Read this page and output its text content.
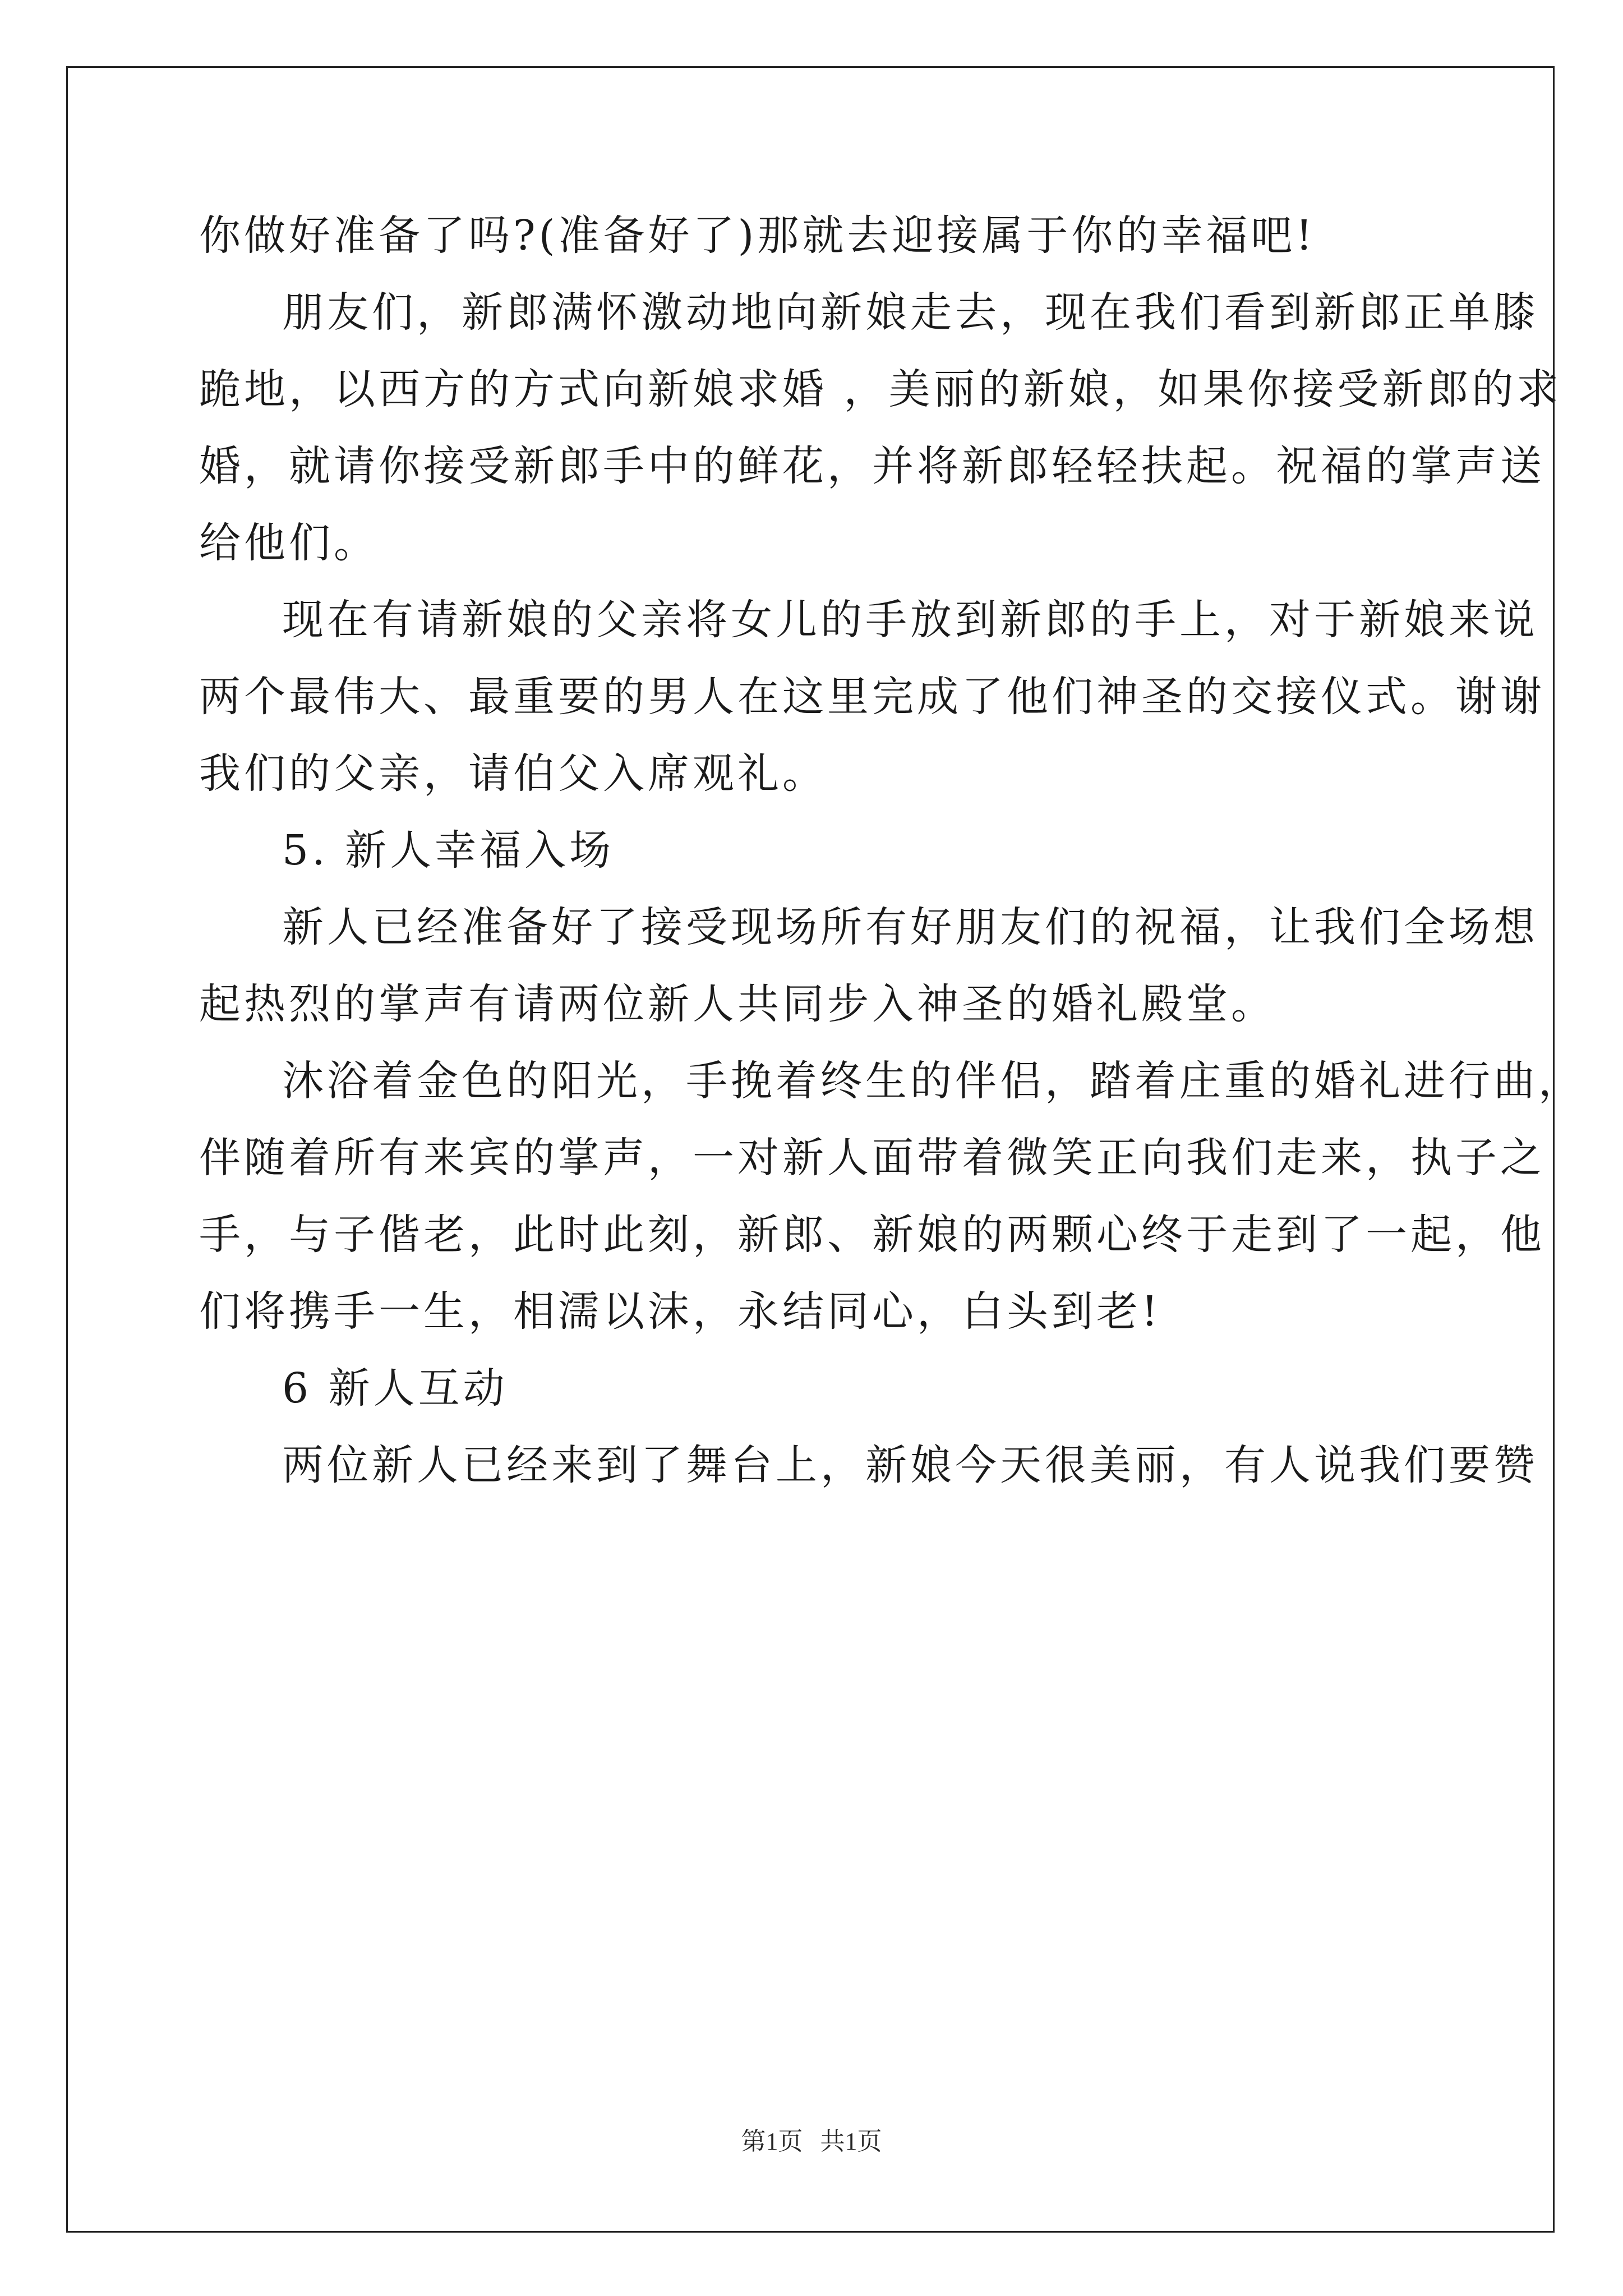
你做好准备了吗?(准备好了)那就去迎接属于你的幸福吧!
朋友们，新郎满怀激动地向新娘走去，现在我们看到新郎正单膝
跪地，以西方的方式向新娘求婚 ，美丽的新娘，如果你接受新郎的求
婚，就请你接受新郎手中的鲜花，并将新郎轻轻扶起。祝福的掌声送
给他们。
现在有请新娘的父亲将女儿的手放到新郎的手上，对于新娘来说
两个最伟大、最重要的男人在这里完成了他们神圣的交接仪式。谢谢
我们的父亲，请伯父入席观礼。
5. 新人幸福入场
新人已经准备好了接受现场所有好朋友们的祝福，让我们全场想
起热烈的掌声有请两位新人共同步入神圣的婚礼殿堂。
沐浴着金色的阳光，手挽着终生的伴侣，踏着庄重的婚礼进行曲，
伴随着所有来宾的掌声，一对新人面带着微笑正向我们走来，执子之
手，与子偕老，此时此刻，新郎、新娘的两颗心终于走到了一起，他
们将携手一生，相濡以沫，永结同心，白头到老!
6 新人互动
两位新人已经来到了舞台上，新娘今天很美丽，有人说我们要赞
第1页 共1页
